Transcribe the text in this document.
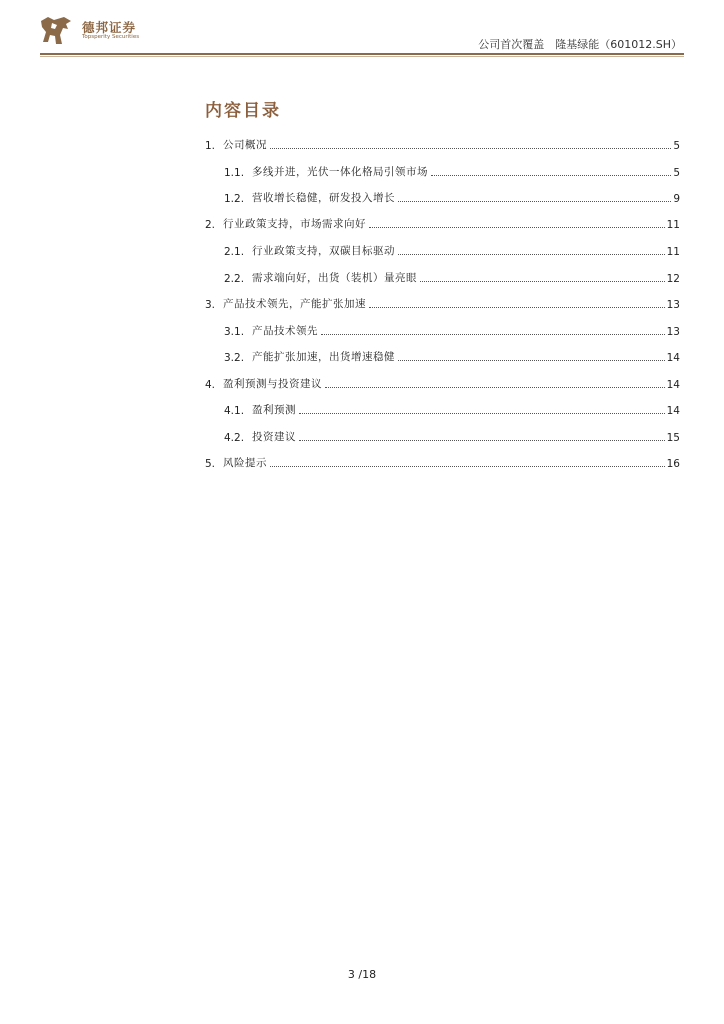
德邦证券
Topsperity Securities
公司首次覆盖　隆基绿能（601012.SH）
内容目录
1. 公司概况	5
1.1. 多线并进，光伏一体化格局引领市场	5
1.2. 营收增长稳健，研发投入增长	9
2. 行业政策支持，市场需求向好	11
2.1. 行业政策支持，双碳目标驱动	11
2.2. 需求端向好，出货（装机）量亮眼	12
3. 产品技术领先，产能扩张加速	13
3.1. 产品技术领先	13
3.2. 产能扩张加速，出货增速稳健	14
4. 盈利预测与投资建议	14
4.1. 盈利预测	14
4.2. 投资建议	15
5. 风险提示	16
3 /18
